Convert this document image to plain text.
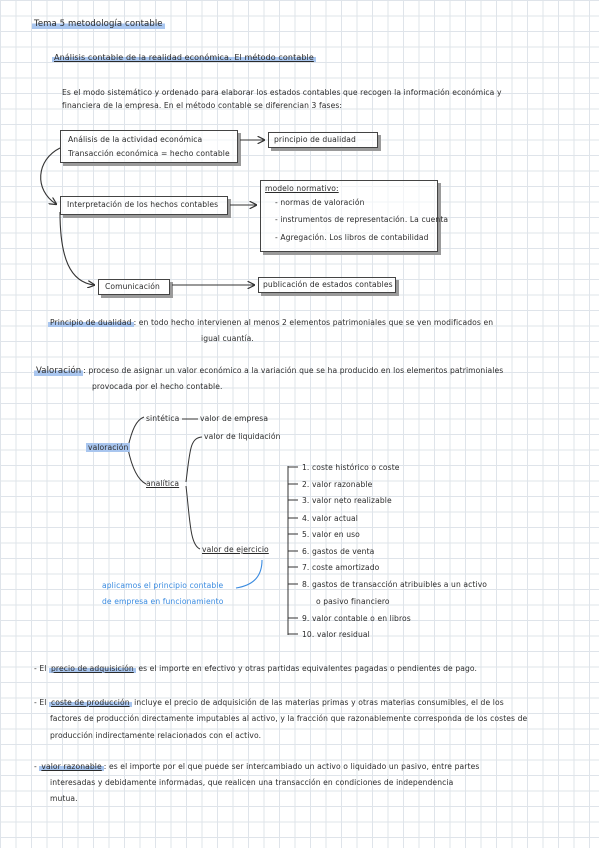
Tema 5 metodología contable
Análisis contable de la realidad económica. El método contable
Es el modo sistemático y ordenado para elaborar los estados contables que recogen la información económica y
financiera de la empresa. En el método contable se diferencian 3 fases:
Análisis de la actividad económica
Transacción económica = hecho contable
principio de dualidad
Interpretación de los hechos contables
modelo normativo:
- normas de valoración
- instrumentos de representación. La cuenta
- Agregación. Los libros de contabilidad
Comunicación	publicación de estados contables
Principio de dualidad : en todo hecho intervienen al menos 2 elementos patrimoniales que se ven modificados en
igual cuantía.
Valoración : proceso de asignar un valor económico a la variación que se ha producido en los elementos patrimoniales
provocada por el hecho contable.
valoración
sintética	valor de empresa
valor de liquidación
analítica
valor de ejercicio
aplicamos el principio contable
de empresa en funcionamiento
1. coste histórico o coste
2. valor razonable
3. valor neto realizable
4. valor actual
5. valor en uso
6. gastos de venta
7. coste amortizado
8. gastos de transacción atribuibles a un activo
o pasivo financiero
9. valor contable o en libros
10. valor residual
- El precio de adquisición es el importe en efectivo y otras partidas equivalentes pagadas o pendientes de pago.
- El coste de producción incluye el precio de adquisición de las materias primas y otras materias consumibles, el de los
factores de producción directamente imputables al activo, y la fracción que razonablemente corresponda de los costes de
producción indirectamente relacionados con el activo.
- valor razonable : es el importe por el que puede ser intercambiado un activo o liquidado un pasivo, entre partes
interesadas y debidamente informadas, que realicen una transacción en condiciones de independencia
mutua.
